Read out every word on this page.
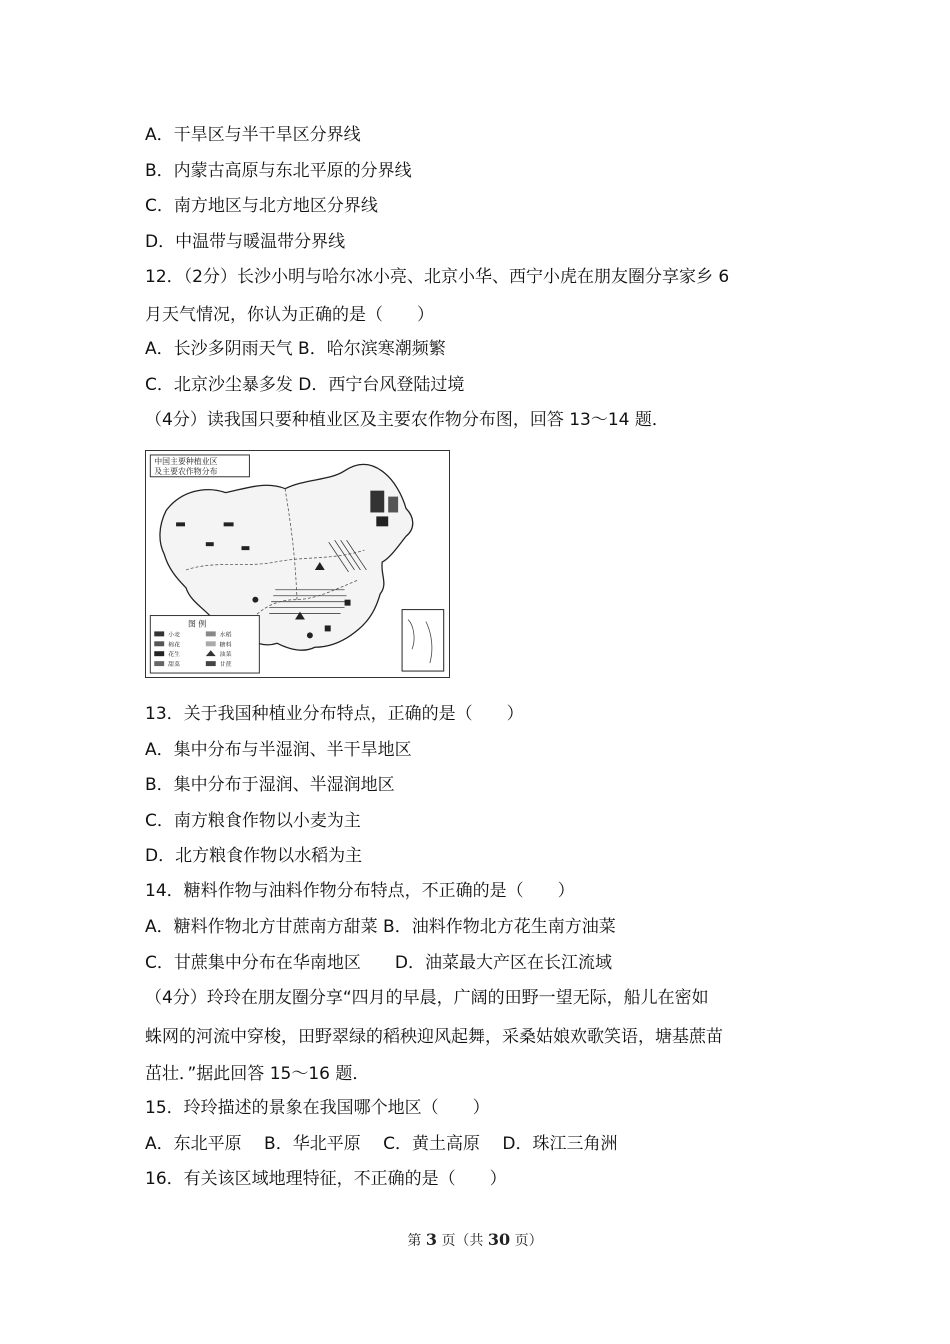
A．干旱区与半干旱区分界线
B．内蒙古高原与东北平原的分界线
C．南方地区与北方地区分界线
D．中温带与暖温带分界线
12．（2分）长沙小明与哈尔冰小亮、北京小华、西宁小虎在朋友圈分享家乡 6
月天气情况，你认为正确的是（　　）
A．长沙多阴雨天气 B．哈尔滨寒潮频繁
C．北京沙尘暴多发 D．西宁台风登陆过境
（4分）读我国只要种植业区及主要农作物分布图，回答 13～14 题．
中国主要种植业区
及主要农作物分布
图 例
小麦	水稻
棉花	糖料
花生	油菜
甜菜	甘蔗
13．关于我国种植业分布特点，正确的是（　　）
A．集中分布与半湿润、半干旱地区
B．集中分布于湿润、半湿润地区
C．南方粮食作物以小麦为主
D．北方粮食作物以水稻为主
14．糖料作物与油料作物分布特点，不正确的是（　　）
A．糖料作物北方甘蔗南方甜菜 B．油料作物北方花生南方油菜
C．甘蔗集中分布在华南地区　　D．油菜最大产区在长江流域
（4分）玲玲在朋友圈分享“四月的早晨，广阔的田野一望无际，船儿在密如
蛛网的河流中穿梭，田野翠绿的稻秧迎风起舞，采桑姑娘欢歌笑语，塘基蔗苗
茁壮．”据此回答 15～16 题．
15．玲玲描述的景象在我国哪个地区（　　）
A．东北平原　 B．华北平原　 C．黄土高原　 D．珠江三角洲
16．有关该区域地理特征，不正确的是（　　）
第 3 页（共 30 页）
